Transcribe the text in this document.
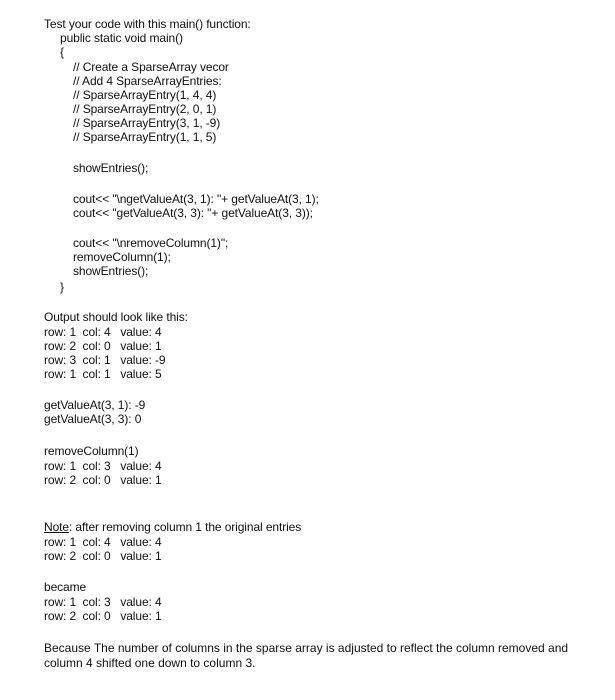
Test your code with this main() function:
public static void main()
{
// Create a SparseArray vecor
// Add 4 SparseArrayEntries:
// SparseArrayEntry(1, 4, 4)
// SparseArrayEntry(2, 0, 1)
// SparseArrayEntry(3, 1, -9)
// SparseArrayEntry(1, 1, 5)
showEntries();
cout<< "\ngetValueAt(3, 1): "+ getValueAt(3, 1);
cout<< "getValueAt(3, 3): "+ getValueAt(3, 3));
cout<< "\nremoveColumn(1)";
removeColumn(1);
showEntries();
}
Output should look like this:
row: 1  col: 4   value: 4
row: 2  col: 0   value: 1
row: 3  col: 1   value: -9
row: 1  col: 1   value: 5
getValueAt(3, 1): -9
getValueAt(3, 3): 0
removeColumn(1)
row: 1  col: 3   value: 4
row: 2  col: 0   value: 1
Note: after removing column 1 the original entries
row: 1  col: 4   value: 4
row: 2  col: 0   value: 1
became
row: 1  col: 3   value: 4
row: 2  col: 0   value: 1
Because The number of columns in the sparse array is adjusted to reflect the column removed and column 4 shifted one down to column 3.
